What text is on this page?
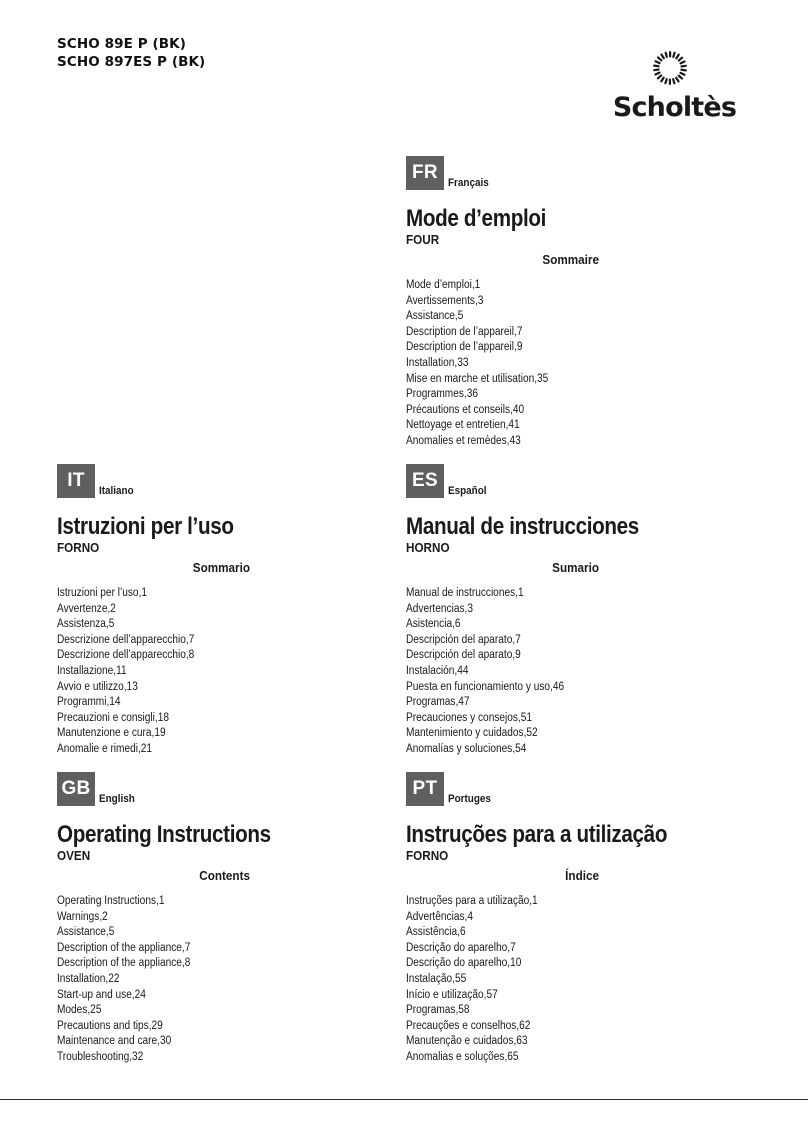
SCHO 89E P (BK)
SCHO 897ES P (BK)
Scholtès
FR Français
Mode d’emploi
FOUR
Sommaire
Mode d’emploi,1
Avertissements,3
Assistance,5
Description de l’appareil,7
Description de l’appareil,9
Installation,33
Mise en marche et utilisation,35
Programmes,36
Précautions et conseils,40
Nettoyage et entretien,41
Anomalies et remèdes,43
IT	Italiano
Istruzioni per l’uso
FORNO
Sommario
Istruzioni per l’uso,1
Avvertenze,2
Assistenza,5
Descrizione dell’apparecchio,7
Descrizione dell’apparecchio,8
Installazione,11
Avvio e utilizzo,13
Programmi,14
Precauzioni e consigli,18
Manutenzione e cura,19
Anomalie e rimedi,21
ES Español
Manual de instrucciones
HORNO
Sumario
Manual de instrucciones,1
Advertencias,3
Asistencia,6
Descripción del aparato,7
Descripción del aparato,9
Instalación,44
Puesta en funcionamiento y uso,46
Programas,47
Precauciones y consejos,51
Mantenimiento y cuidados,52
Anomalías y soluciones,54
GB English
Operating Instructions
OVEN
Contents
Operating Instructions,1
Warnings,2
Assistance,5
Description of the appliance,7
Description of the appliance,8
Installation,22
Start-up and use,24
Modes,25
Precautions and tips,29
Maintenance and care,30
Troubleshooting,32
PT Portuges
Instruções para a utilização
FORNO
Índice
Instruções para a utilização,1
Advertências,4
Assistência,6
Descrição do aparelho,7
Descrição do aparelho,10
Instalação,55
Início e utilização,57
Programas,58
Precauções e conselhos,62
Manutenção e cuidados,63
Anomalias e soluções,65
